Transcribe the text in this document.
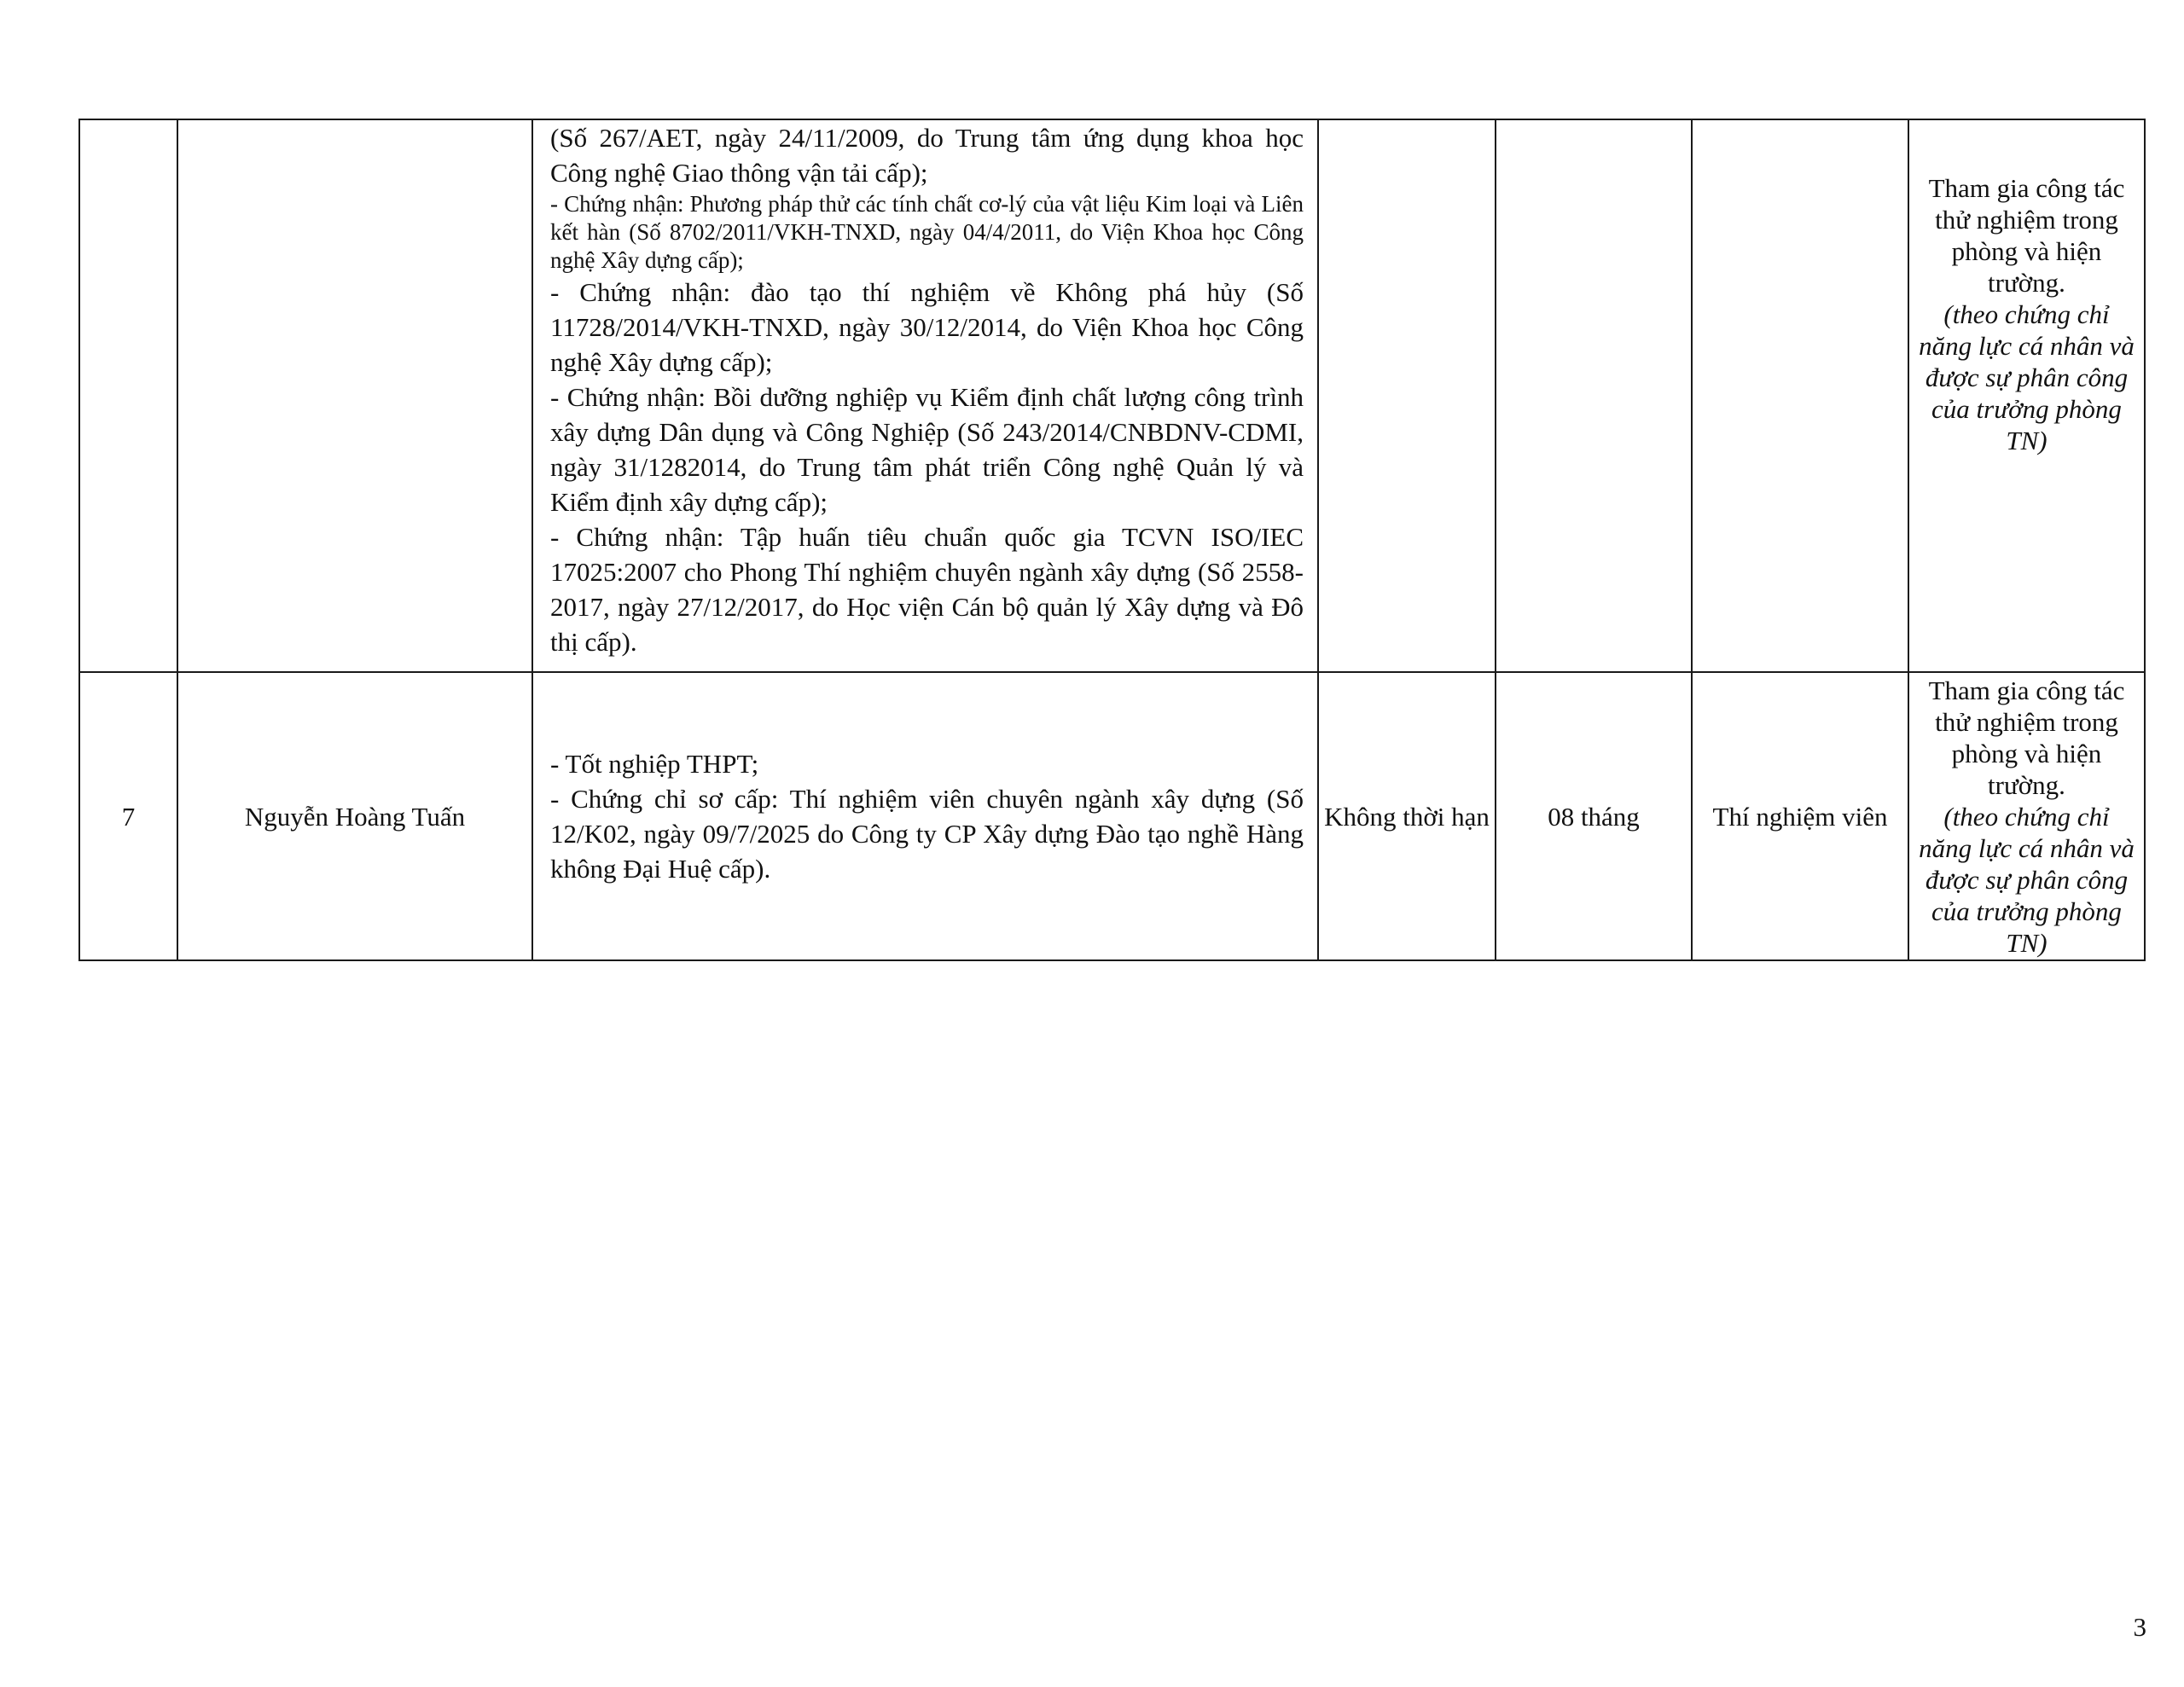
		(Số 267/AET, ngày 24/11/2009, do Trung tâm ứng dụng khoa học Công nghệ Giao thông vận tải cấp);
- Chứng nhận: Phương pháp thử các tính chất cơ-lý của vật liệu Kim loại và Liên kết hàn (Số 8702/2011/VKH-TNXD, ngày 04/4/2011, do Viện Khoa học Công nghệ Xây dựng cấp);
- Chứng nhận: đào tạo thí nghiệm về Không phá hủy (Số 11728/2014/VKH-TNXD, ngày 30/12/2014, do Viện Khoa học Công nghệ Xây dựng cấp);
- Chứng nhận: Bồi dưỡng nghiệp vụ Kiểm định chất lượng công trình xây dựng Dân dụng và Công Nghiệp (Số 243/2014/CNBDNV-CDMI, ngày 31/1282014, do Trung tâm phát triển Công nghệ Quản lý và Kiểm định xây dựng cấp);
- Chứng nhận: Tập huấn tiêu chuẩn quốc gia TCVN ISO/IEC 17025:2007 cho Phong Thí nghiệm chuyên ngành xây dựng (Số 2558-2017, ngày 27/12/2017, do Học viện Cán bộ quản lý Xây dựng và Đô thị cấp).				Tham gia công tác thử nghiệm trong phòng và hiện trường.
(theo chứng chỉ năng lực cá nhân và được sự phân công của trưởng phòng TN)

7	Nguyễn Hoàng Tuấn	- Tốt nghiệp THPT;
- Chứng chỉ sơ cấp: Thí nghiệm viên chuyên ngành xây dựng (Số 12/K02, ngày 09/7/2025 do Công ty CP Xây dựng Đào tạo nghề Hàng không Đại Huệ cấp).	Không thời hạn	08 tháng	Thí nghiệm viên	Tham gia công tác thử nghiệm trong phòng và hiện trường.
(theo chứng chỉ năng lực cá nhân và được sự phân công của trưởng phòng TN)
3
